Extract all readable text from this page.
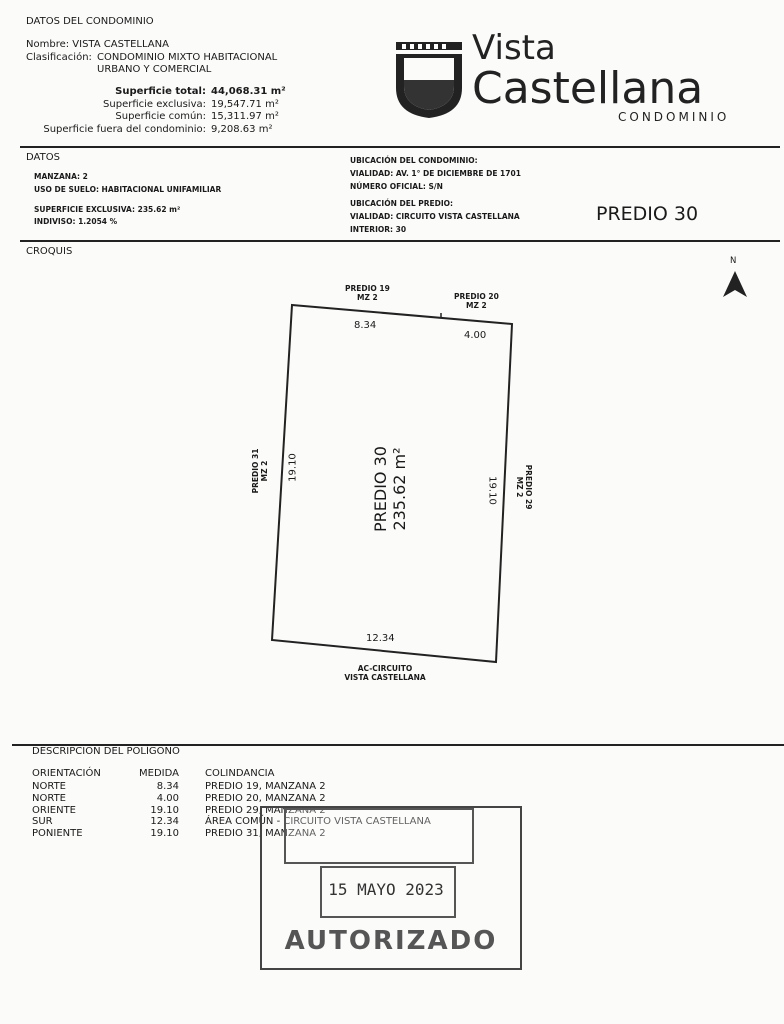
DATOS DEL CONDOMINIO
Nombre: VISTA CASTELLANA
Clasificación: CONDOMINIO MIXTO HABITACIONAL
URBANO Y COMERCIAL
Superficie total: 44,068.31 m²
Superficie exclusiva: 19,547.71 m²
Superficie común: 15,311.97 m²
Superficie fuera del condominio: 9,208.63 m²
Vista
Castellana
CONDOMINIO
DATOS
MANZANA: 2
USO DE SUELO: HABITACIONAL UNIFAMILIAR
SUPERFICIE EXCLUSIVA: 235.62 m²
INDIVISO: 1.2054 %
UBICACIÓN DEL CONDOMINIO:
VIALIDAD: AV. 1° DE DICIEMBRE DE 1701
NÚMERO OFICIAL: S/N
UBICACIÓN DEL PREDIO:
VIALIDAD: CIRCUITO VISTA CASTELLANA
INTERIOR: 30
PREDIO 30
CROQUIS
N
PREDIO 19
MZ 2	PREDIO 20
MZ 2
8.34
4.00
PREDIO 31 MZ 2 19.10
19.10	PREDIO 29
MZ 2
PREDIO 30 235.62 m²
12.34
AC-CIRCUITO
VISTA CASTELLANA
DESCRIPCIÓN DEL POLÍGONO
ORIENTACIÓN	MEDIDA	COLINDANCIA
NORTE	8.34	PREDIO 19, MANZANA 2
NORTE	4.00	PREDIO 20, MANZANA 2
ORIENTE	19.10	PREDIO 29, MANZANA 2
SUR	12.34	ÁREA COMÚN - CIRCUITO VISTA CASTELLANA
PONIENTE	19.10	PREDIO 31, MANZANA 2
15 MAYO 2023
AUTORIZADO
